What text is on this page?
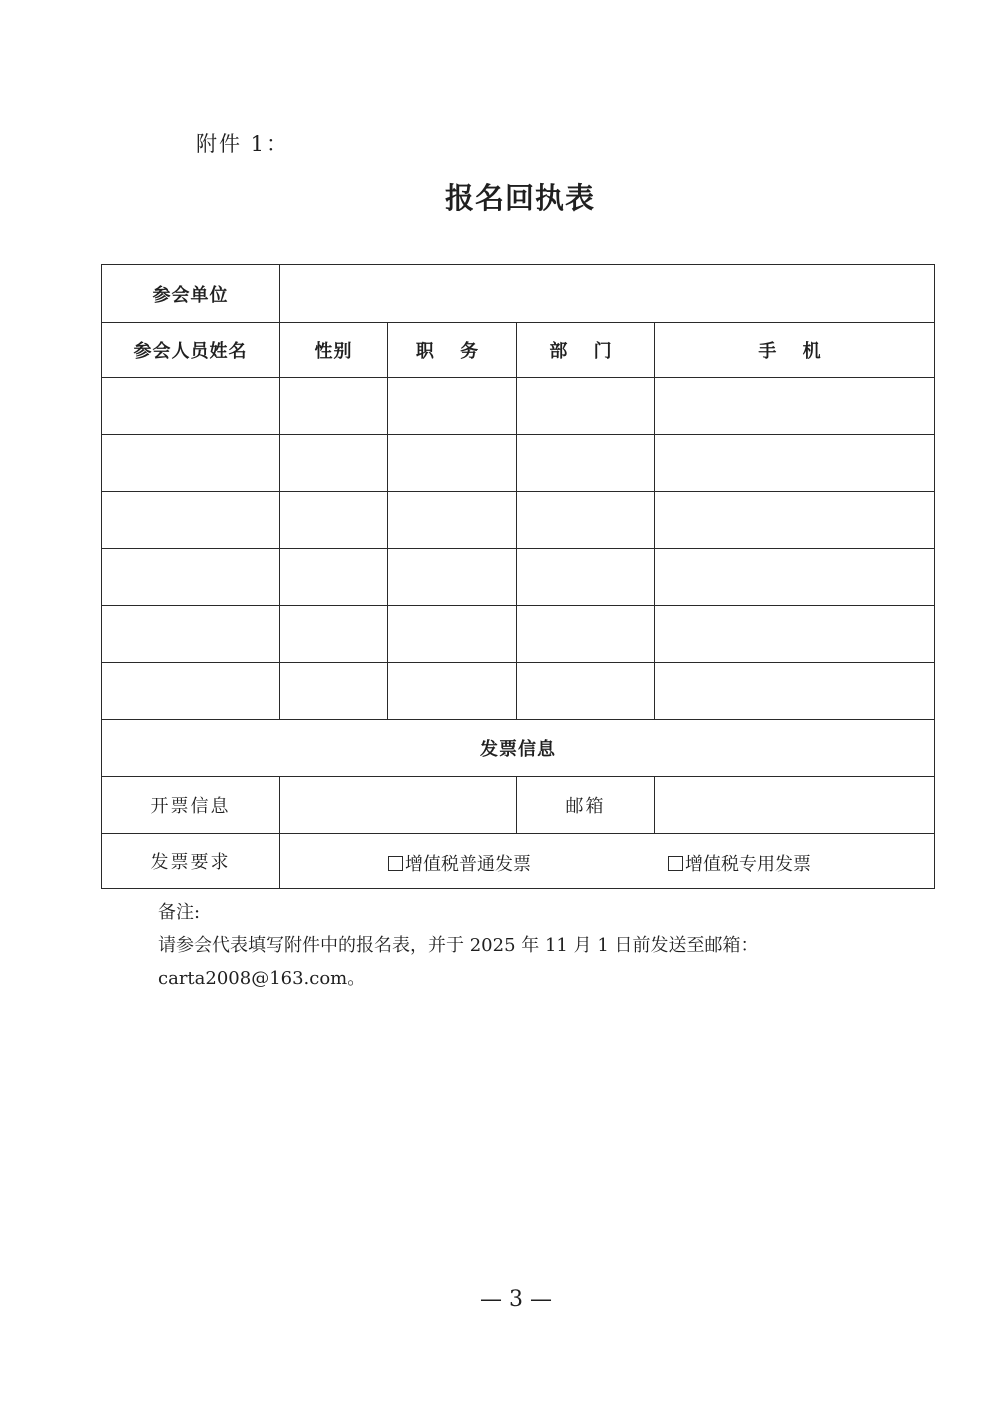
附件 1：
报名回执表
参会单位				
参会人员姓名	性别	职 务	部 门	手 机

发票信息				
开票信息			邮箱	
发票要求	增值税普通发票 增值税专用发票			
备注:
请参会代表填写附件中的报名表，并于 2025 年 11 月 1 日前发送至邮箱：
carta2008@163.com。
— 3 —
